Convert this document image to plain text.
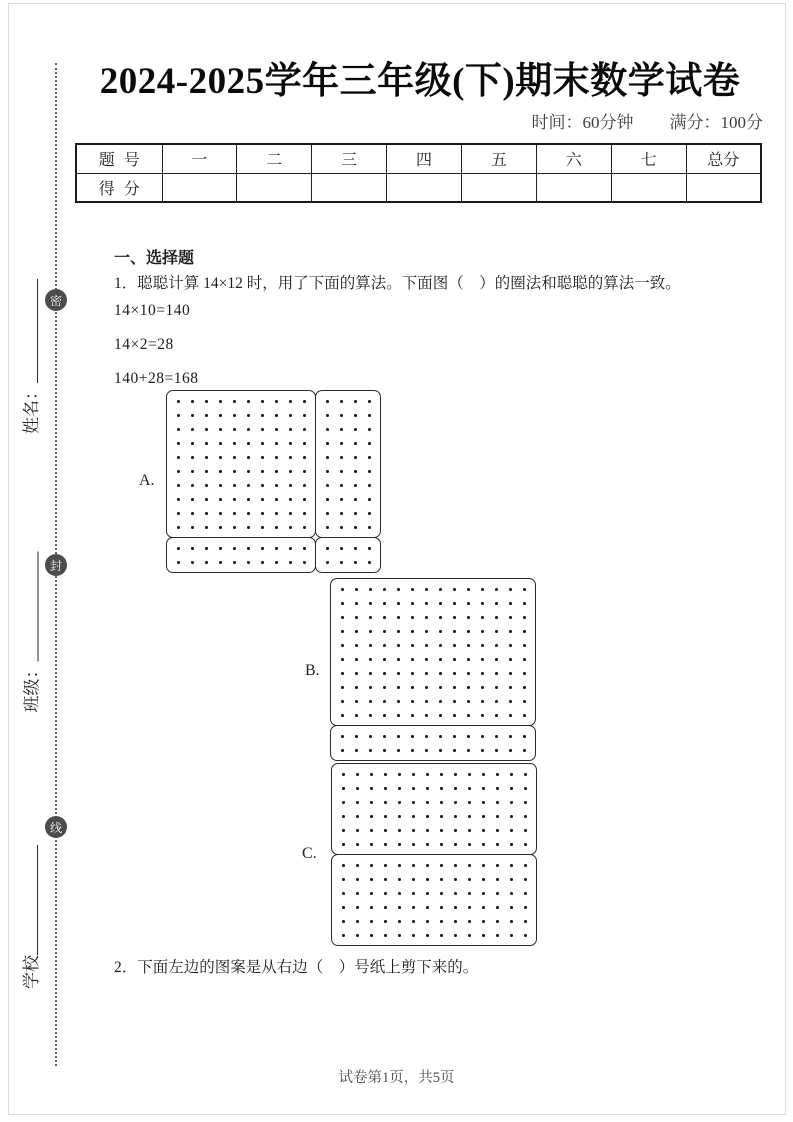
密
封
线
姓名：
班级：
学校
2024-2025学年三年级(下)期末数学试卷
时间：60分钟 满分：100分
题号	一	二	三	四	五	六	七	总分
得分								
一、选择题
1．聪聪计算 14×12 时，用了下面的算法。下面图（　）的圈法和聪聪的算法一致。
14×10=140
14×2=28
140+28=168
A.
B.
C.
2．下面左边的图案是从右边（　）号纸上剪下来的。
试卷第1页，共5页
